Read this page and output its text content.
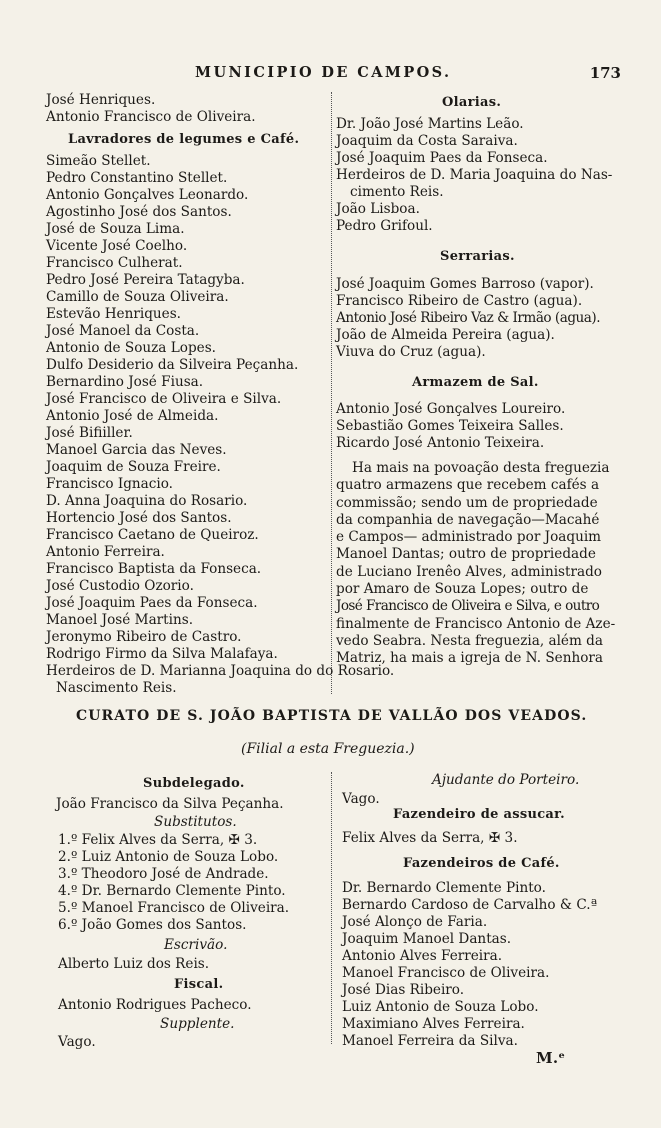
MUNICIPIO DE CAMPOS.	173
José Henriques.
Antonio Francisco de Oliveira.
Lavradores de legumes e Café.
Simeão Stellet.
Pedro Constantino Stellet.
Antonio Gonçalves Leonardo.
Agostinho José dos Santos.
José de Souza Lima.
Vicente José Coelho.
Francisco Culherat.
Pedro José Pereira Tatagyba.
Camillo de Souza Oliveira.
Estevão Henriques.
José Manoel da Costa.
Antonio de Souza Lopes.
Dulfo Desiderio da Silveira Peçanha.
Bernardino José Fiusa.
José Francisco de Oliveira e Silva.
Antonio José de Almeida.
José Bifiiller.
Manoel Garcia das Neves.
Joaquim de Souza Freire.
Francisco Ignacio.
D. Anna Joaquina do Rosario.
Hortencio José dos Santos.
Francisco Caetano de Queiroz.
Antonio Ferreira.
Francisco Baptista da Fonseca.
José Custodio Ozorio.
José Joaquim Paes da Fonseca.
Manoel José Martins.
Jeronymo Ribeiro de Castro.
Rodrigo Firmo da Silva Malafaya.
Herdeiros de D. Marianna Joaquina do do Rosario.
Nascimento Reis.
Olarias.
Dr. João José Martins Leão.
Joaquim da Costa Saraiva.
José Joaquim Paes da Fonseca.
Herdeiros de D. Maria Joaquina do Nas-
cimento Reis.
João Lisboa.
Pedro Grifoul.
Serrarias.
José Joaquim Gomes Barroso (vapor).
Francisco Ribeiro de Castro (agua).
Antonio José Ribeiro Vaz & Irmão (agua).
João de Almeida Pereira (agua).
Viuva do Cruz (agua).
Armazem de Sal.
Antonio José Gonçalves Loureiro.
Sebastião Gomes Teixeira Salles.
Ricardo José Antonio Teixeira.
Ha mais na povoação desta freguezia
quatro armazens que recebem cafés a
commissão; sendo um de propriedade
da companhia de navegação—Macahé
e Campos— administrado por Joaquim
Manoel Dantas; outro de propriedade
de Luciano Irenêo Alves, administrado
por Amaro de Souza Lopes; outro de
José Francisco de Oliveira e Silva, e outro
finalmente de Francisco Antonio de Aze-
vedo Seabra. Nesta freguezia, além da
Matriz, ha mais a igreja de N. Senhora
CURATO DE S. JOÃO BAPTISTA DE VALLÃO DOS VEADOS.
(Filial a esta Freguezia.)
Subdelegado.
João Francisco da Silva Peçanha.
Substitutos.
1.º Felix Alves da Serra, ✠ 3.
2.º Luiz Antonio de Souza Lobo.
3.º Theodoro José de Andrade.
4.º Dr. Bernardo Clemente Pinto.
5.º Manoel Francisco de Oliveira.
6.º João Gomes dos Santos.
Escrivão.
Alberto Luiz dos Reis.
Fiscal.
Antonio Rodrigues Pacheco.
Supplente.
Vago.
Ajudante do Porteiro.
Vago.
Fazendeiro de assucar.
Felix Alves da Serra, ✠ 3.
Fazendeiros de Café.
Dr. Bernardo Clemente Pinto.
Bernardo Cardoso de Carvalho & C.ª
José Alonço de Faria.
Joaquim Manoel Dantas.
Antonio Alves Ferreira.
Manoel Francisco de Oliveira.
José Dias Ribeiro.
Luiz Antonio de Souza Lobo.
Maximiano Alves Ferreira.
Manoel Ferreira da Silva.
M.ᵉ
